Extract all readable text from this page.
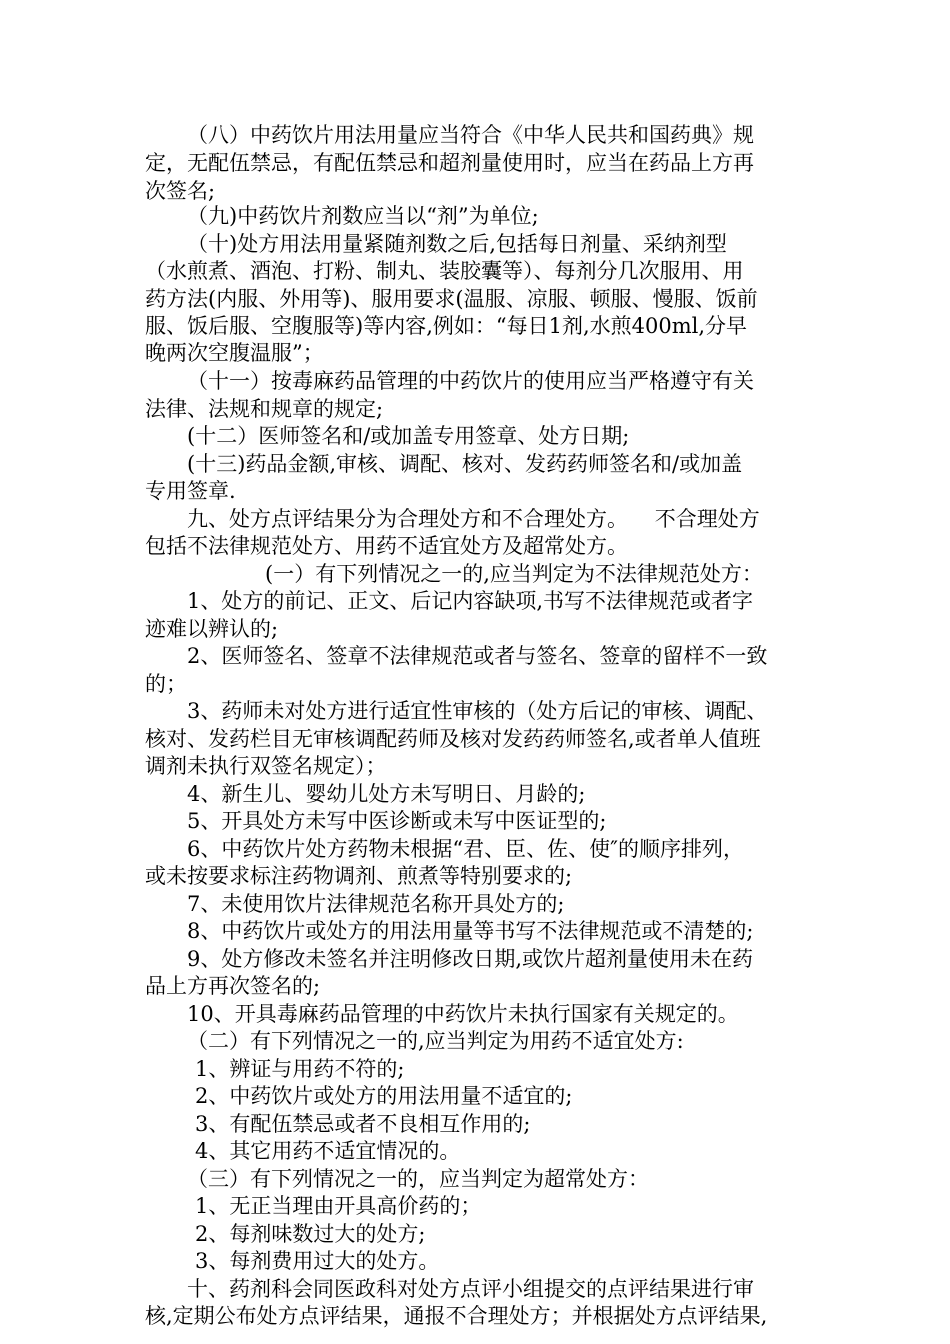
（八）中药饮片用法用量应当符合《中华人民共和国药典》规
定，无配伍禁忌，有配伍禁忌和超剂量使用时，应当在药品上方再
次签名;
（九)中药饮片剂数应当以“剂”为单位;
（十)处方用法用量紧随剂数之后,包括每日剂量、采纳剂型
（水煎煮、酒泡、打粉、制丸、装胶囊等）、每剂分几次服用、用
药方法(内服、外用等)、服用要求(温服、凉服、顿服、慢服、饭前
服、饭后服、空腹服等)等内容,例如：“每日1剂,水煎400ml,分早
晚两次空腹温服”；
（十一）按毒麻药品管理的中药饮片的使用应当严格遵守有关
法律、法规和规章的规定;
(十二）医师签名和/或加盖专用签章、处方日期;
(十三)药品金额,审核、调配、核对、发药药师签名和/或加盖
专用签章.
九、处方点评结果分为合理处方和不合理处方。    不合理处方
包括不法律规范处方、用药不适宜处方及超常处方。
(一）有下列情况之一的,应当判定为不法律规范处方：
1、处方的前记、正文、后记内容缺项,书写不法律规范或者字
迹难以辨认的;
2、医师签名、签章不法律规范或者与签名、签章的留样不一致
的；
3、药师未对处方进行适宜性审核的（处方后记的审核、调配、
核对、发药栏目无审核调配药师及核对发药药师签名,或者单人值班
调剂未执行双签名规定）；
4、新生儿、婴幼儿处方未写明日、月龄的;
5、开具处方未写中医诊断或未写中医证型的;
6、中药饮片处方药物未根据“君、臣、佐、使″的顺序排列，
或未按要求标注药物调剂、煎煮等特别要求的;
7、未使用饮片法律规范名称开具处方的;
8、中药饮片或处方的用法用量等书写不法律规范或不清楚的;
9、处方修改未签名并注明修改日期,或饮片超剂量使用未在药
品上方再次签名的;
10、开具毒麻药品管理的中药饮片未执行国家有关规定的。
（二）有下列情况之一的,应当判定为用药不适宜处方:
1、辨证与用药不符的;
2、中药饮片或处方的用法用量不适宜的;
3、有配伍禁忌或者不良相互作用的;
4、其它用药不适宜情况的。
（三）有下列情况之一的，应当判定为超常处方：
1、无正当理由开具高价药的；
2、每剂味数过大的处方;
3、每剂费用过大的处方。
十、药剂科会同医政科对处方点评小组提交的点评结果进行审
核,定期公布处方点评结果，通报不合理处方；并根据处方点评结果,
